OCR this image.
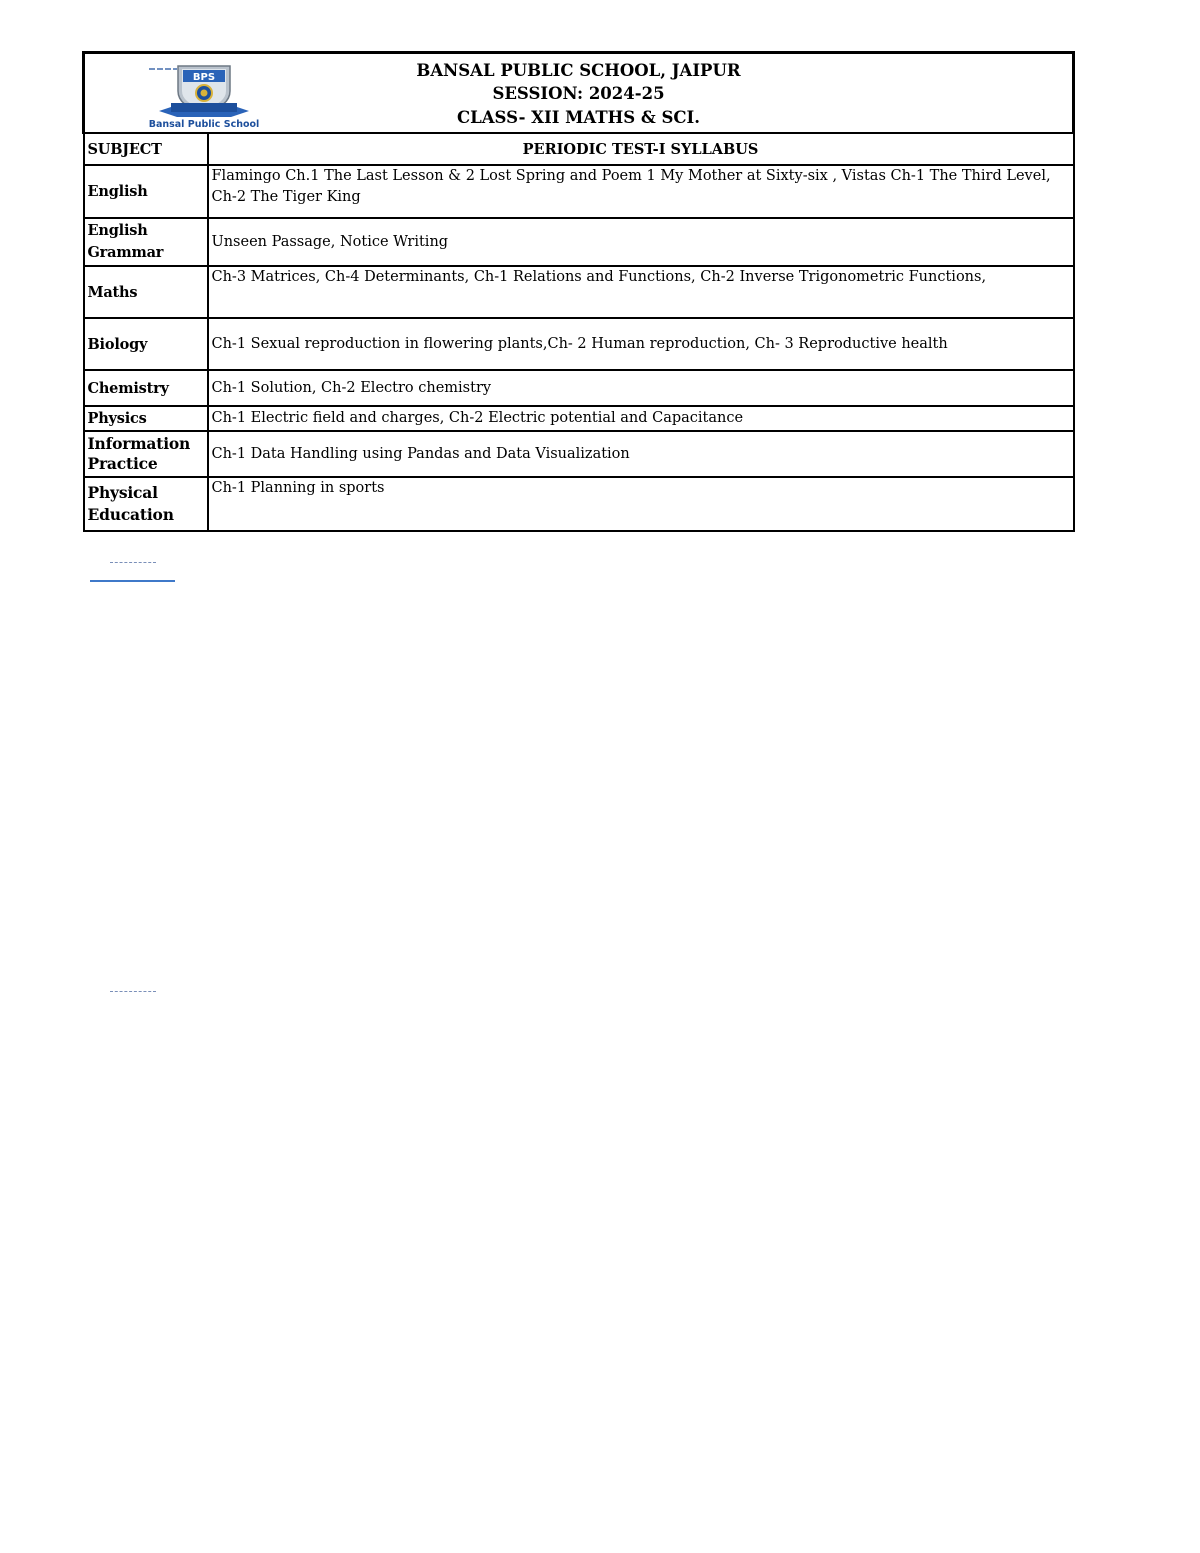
BPS
Bansal Public School
BANSAL PUBLIC SCHOOL, JAIPUR
SESSION: 2024-25
CLASS- XII MATHS & SCI.	

SUBJECT	PERIODIC TEST-I SYLLABUS
English	Flamingo Ch.1 The Last Lesson & 2 Lost Spring and Poem 1 My Mother at Sixty-six , Vistas Ch-1 The Third Level, Ch-2 The Tiger King
English Grammar	Unseen Passage, Notice Writing
Maths	Ch-3 Matrices, Ch-4 Determinants, Ch-1 Relations and Functions, Ch-2 Inverse Trigonometric Functions,
Biology	Ch-1 Sexual reproduction in flowering plants,Ch- 2 Human reproduction, Ch- 3 Reproductive health
Chemistry	Ch-1 Solution, Ch-2 Electro chemistry
Physics	Ch-1 Electric field and charges, Ch-2 Electric potential and Capacitance
Information Practice	Ch-1 Data Handling using Pandas and Data Visualization
Physical Education	Ch-1 Planning in sports
